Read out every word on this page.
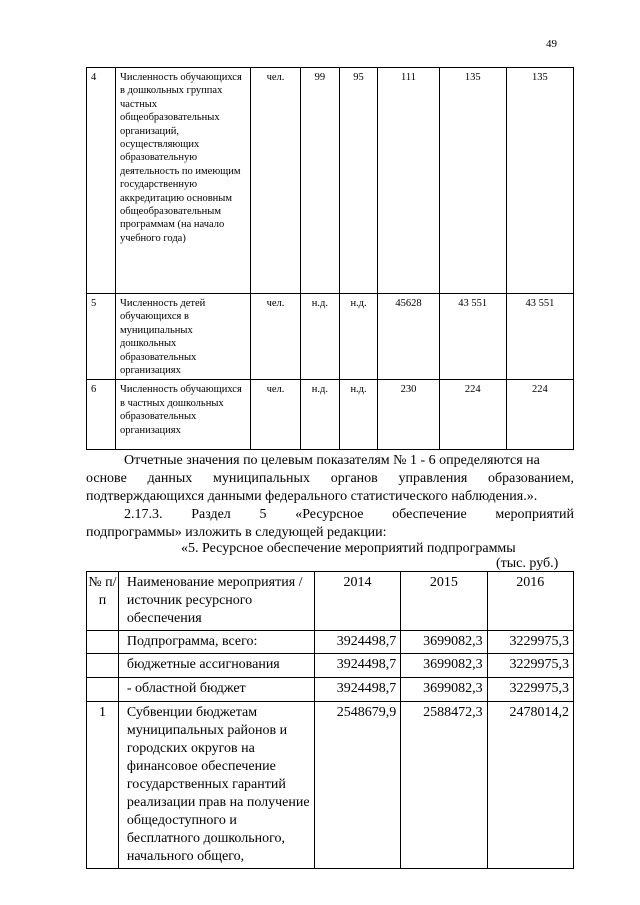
49
4	Численность обучающихся в дошкольных группах частных общеобразовательных организаций, осуществляющих образовательную деятельность по имеющим государственную аккредитацию основным общеобразовательным программам (на начало учебного года)	чел.	99	95	111	135	135
5	Численность детей обучающихся в муниципальных дошкольных образовательных организациях	чел.	н.д.	н.д.	45628	43 551	43 551
6	Численность обучающихся в частных дошкольных образовательных организациях	чел.	н.д.	н.д.	230	224	224
Отчетные значения по целевым показателям № 1 - 6 определяются на
основе данных муниципальных органов управления образованием,
подтверждающихся данными федерального статистического наблюдения.».
2.17.3. Раздел 5 «Ресурсное обеспечение мероприятий
подпрограммы» изложить в следующей редакции:
«5. Ресурсное обеспечение мероприятий подпрограммы
(тыс. руб.)
№ п/п	Наименование мероприятия / источник ресурсного обеспечения	2014	2015	2016
	Подпрограмма, всего:	3924498,7	3699082,3	3229975,3
	бюджетные ассигнования	3924498,7	3699082,3	3229975,3
	- областной бюджет	3924498,7	3699082,3	3229975,3
1	Субвенции бюджетам муниципальных районов и городских округов на финансовое обеспечение государственных гарантий реализации прав на получение общедоступного и бесплатного дошкольного, начального общего,	2548679,9	2588472,3	2478014,2
